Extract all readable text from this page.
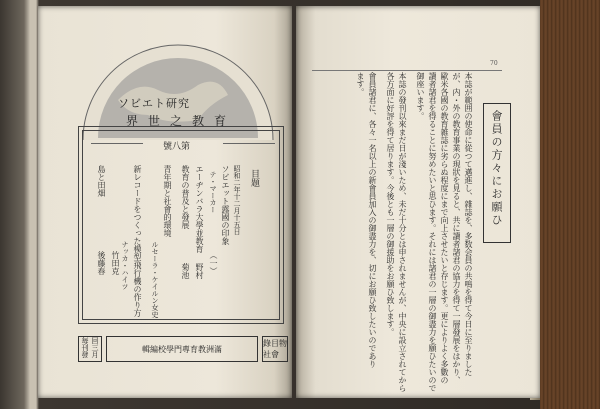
ソビエト研究
界世之教育
號八第
目題
昭和二年十二月十五日
ソビエット露國の印象
テ・マーカー
（一）
エーヂンバラ大學並教育
野村
教育の普及と發展
菊池
青年期と社會的環境
ルセーラ・ケイルン女史
新レコードをつくった模型飛行機の作り方
ナッカ・ハイツ
島と田畑
後藤春 竹田克
回三月毎刊發	輯編校學門專育教洲滿
錄目物社會
70
會員の方々にお願ひ
本誌が範囲の使命に從つて邁進し、雜誌を、多数会員の共鳴を得て今日に至りました
が、内・外の教育事業の現狀を見ると、共に讀者諸君の協力を得て一層發展をはかり、
歐米各國の教育雑誌に劣らぬ程度にまで向上させたいと存じます。更によりよく多數の
讀者諸君を得ることに努めたいと思ひます。それには諸君の一層の御盡力を願ひたいので
御座います。
本誌の發刊以來まだ日が淺いため、未だ十分とは申されませんが、中央に設立されてから
各方面に好評を得て居ります。今後とも一層の御援助をお願ひ致します。
會員諸君に、各々一名以上の新會員加入の御盡力を、切にお願ひ致したいのであり
ます。
